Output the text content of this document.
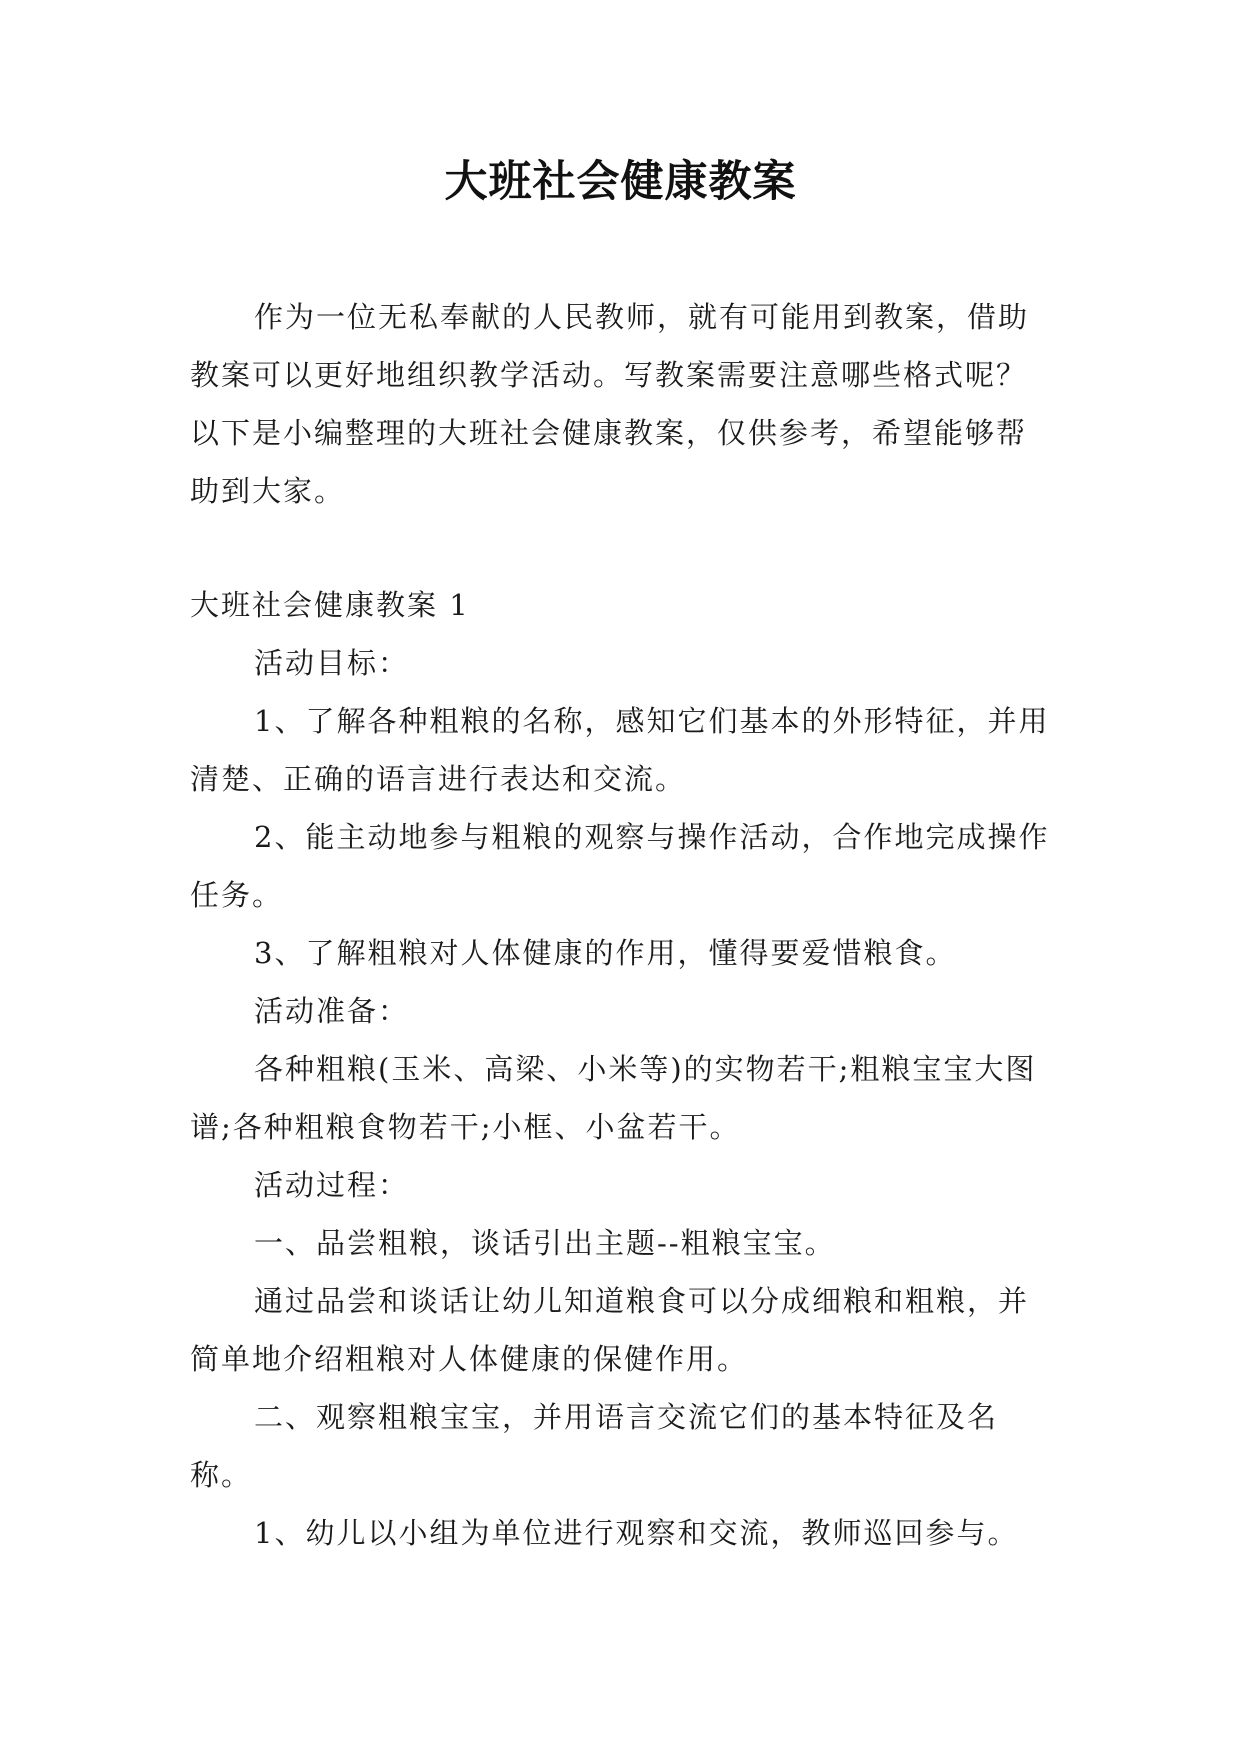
大班社会健康教案
作为一位无私奉献的人民教师，就有可能用到教案，借助教案可以更好地组织教学活动。写教案需要注意哪些格式呢？以下是小编整理的大班社会健康教案，仅供参考，希望能够帮助到大家。

大班社会健康教案 1

活动目标：

1、了解各种粗粮的名称，感知它们基本的外形特征，并用清楚、正确的语言进行表达和交流。

2、能主动地参与粗粮的观察与操作活动，合作地完成操作任务。

3、了解粗粮对人体健康的作用，懂得要爱惜粮食。

活动准备：

各种粗粮(玉米、高梁、小米等)的实物若干;粗粮宝宝大图谱;各种粗粮食物若干;小框、小盆若干。

活动过程：

一、品尝粗粮，谈话引出主题--粗粮宝宝。

通过品尝和谈话让幼儿知道粮食可以分成细粮和粗粮，并简单地介绍粗粮对人体健康的保健作用。

二、观察粗粮宝宝，并用语言交流它们的基本特征及名称。

1、幼儿以小组为单位进行观察和交流，教师巡回参与。
